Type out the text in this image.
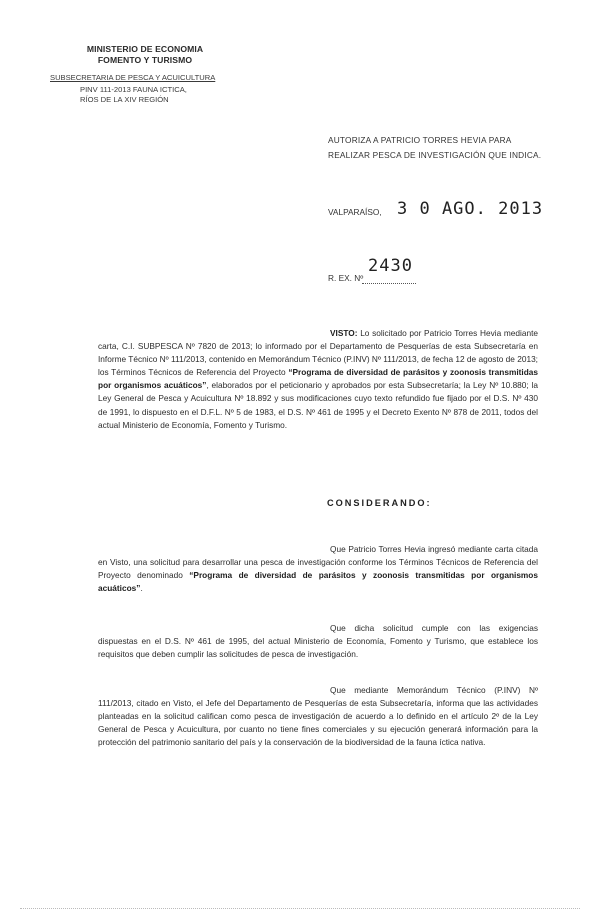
MINISTERIO DE ECONOMIA
FOMENTO Y TURISMO
SUBSECRETARIA DE PESCA Y ACUICULTURA
PINV 111-2013 FAUNA ICTICA,
RÍOS DE LA XIV REGIÓN
AUTORIZA A PATRICIO TORRES HEVIA PARA
REALIZAR PESCA DE INVESTIGACIÓN QUE INDICA.
VALPARAÍSO, 3 0 AGO. 2013
R. EX. Nº
2430
VISTO: Lo solicitado por Patricio Torres Hevia mediante carta, C.I. SUBPESCA Nº 7820 de 2013; lo informado por el Departamento de Pesquerías de esta Subsecretaría en Informe Técnico Nº 111/2013, contenido en Memorándum Técnico (P.INV) Nº 111/2013, de fecha 12 de agosto de 2013; los Términos Técnicos de Referencia del Proyecto “Programa de diversidad de parásitos y zoonosis transmitidas por organismos acuáticos”, elaborados por el peticionario y aprobados por esta Subsecretaría; la Ley Nº 10.880; la Ley General de Pesca y Acuicultura Nº 18.892 y sus modificaciones cuyo texto refundido fue fijado por el D.S. Nº 430 de 1991, lo dispuesto en el D.F.L. Nº 5 de 1983, el D.S. Nº 461 de 1995 y el Decreto Exento Nº 878 de 2011, todos del actual Ministerio de Economía, Fomento y Turismo.
CONSIDERANDO:
Que Patricio Torres Hevia ingresó mediante carta citada en Visto, una solicitud para desarrollar una pesca de investigación conforme los Términos Técnicos de Referencia del Proyecto denominado “Programa de diversidad de parásitos y zoonosis transmitidas por organismos acuáticos”.
Que dicha solicitud cumple con las exigencias dispuestas en el D.S. Nº 461 de 1995, del actual Ministerio de Economía, Fomento y Turismo, que establece los requisitos que deben cumplir las solicitudes de pesca de investigación.
Que mediante Memorándum Técnico (P.INV) Nº 111/2013, citado en Visto, el Jefe del Departamento de Pesquerías de esta Subsecretaría, informa que las actividades planteadas en la solicitud califican como pesca de investigación de acuerdo a lo definido en el artículo 2º de la Ley General de Pesca y Acuicultura, por cuanto no tiene fines comerciales y su ejecución generará información para la protección del patrimonio sanitario del país y la conservación de la biodiversidad de la fauna íctica nativa.
